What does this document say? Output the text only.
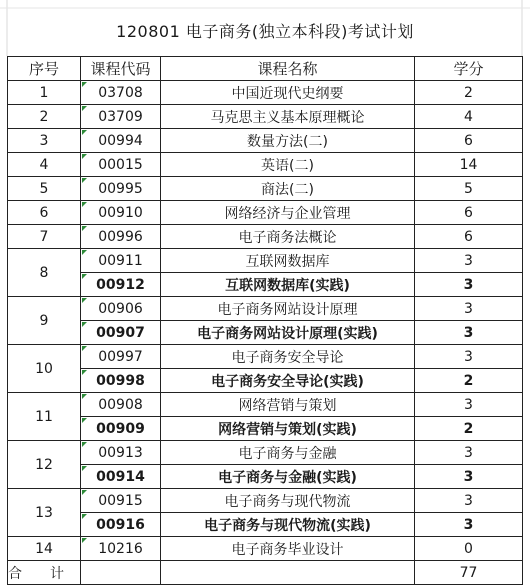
120801 电子商务(独立本科段)考试计划
序号	课程代码	课程名称	学分
1	03708	中国近现代史纲要	2
2	03709	马克思主义基本原理概论	4
3	00994	数量方法(二)	6
4	00015	英语(二)	14
5	00995	商法(二)	5
6	00910	网络经济与企业管理	6
7	00996	电子商务法概论	6
8	00911	互联网数据库	3
	00912	互联网数据库(实践)	3
9	00906	电子商务网站设计原理	3
	00907	电子商务网站设计原理(实践)	3
10	00997	电子商务安全导论	3
	00998	电子商务安全导论(实践)	2
11	00908	网络营销与策划	3
	00909	网络营销与策划(实践)	2
12	00913	电子商务与金融	3
	00914	电子商务与金融(实践)	3
13	00915	电子商务与现代物流	3
	00916	电子商务与现代物流(实践)	3
14	10216	电子商务毕业设计	0
合计			77
